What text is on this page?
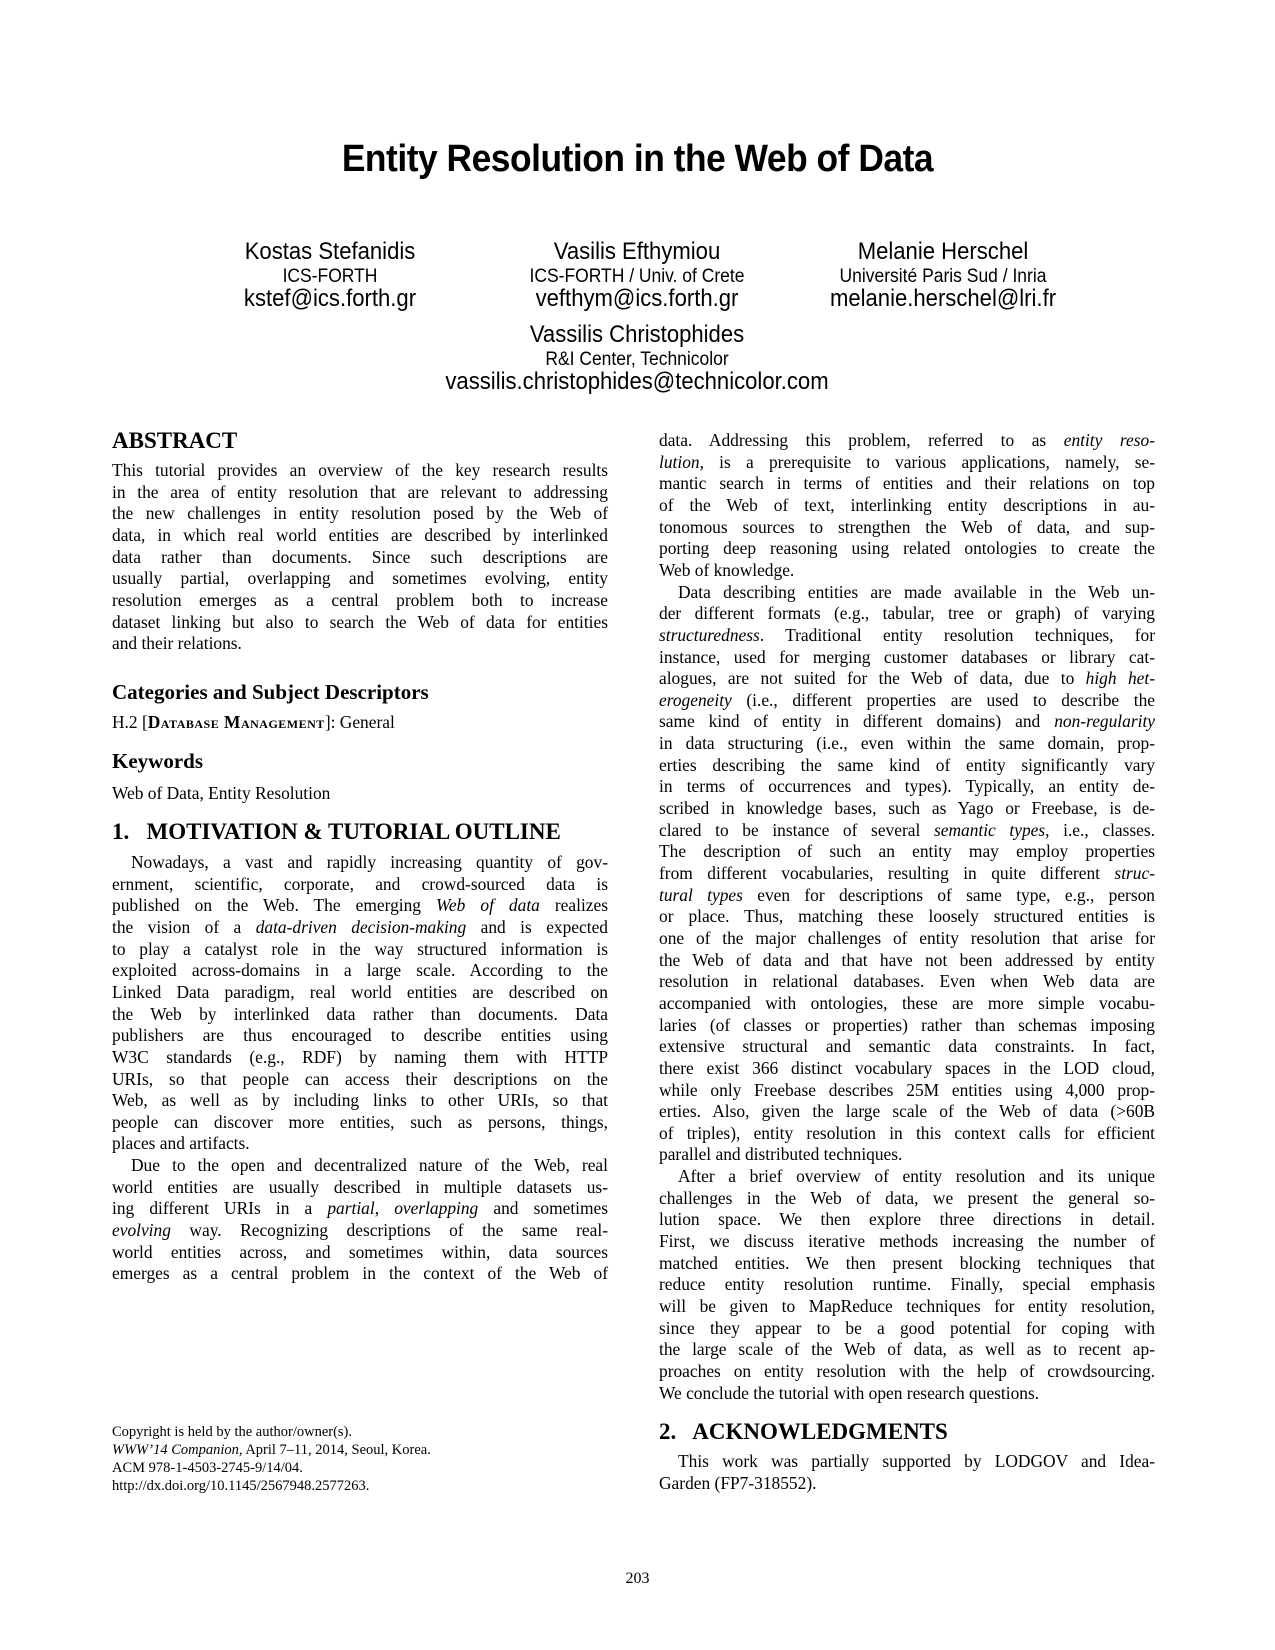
Entity Resolution in the Web of Data
Kostas Stefanidis
ICS-FORTH
kstef@ics.forth.gr
Vasilis Efthymiou
ICS-FORTH / Univ. of Crete
vefthym@ics.forth.gr
Melanie Herschel
Université Paris Sud / Inria
melanie.herschel@lri.fr
Vassilis Christophides
R&I Center, Technicolor
vassilis.christophides@technicolor.com
ABSTRACT
This tutorial provides an overview of the key research results
in the area of entity resolution that are relevant to addressing
the new challenges in entity resolution posed by the Web of
data, in which real world entities are described by interlinked
data rather than documents. Since such descriptions are
usually partial, overlapping and sometimes evolving, entity
resolution emerges as a central problem both to increase
dataset linking but also to search the Web of data for entities
and their relations.
Categories and Subject Descriptors
H.2 [Database Management]: General
Keywords
Web of Data, Entity Resolution
1.   MOTIVATION & TUTORIAL OUTLINE
Nowadays, a vast and rapidly increasing quantity of gov-
ernment, scientific, corporate, and crowd-sourced data is
published on the Web. The emerging Web of data realizes
the vision of a data-driven decision-making and is expected
to play a catalyst role in the way structured information is
exploited across-domains in a large scale. According to the
Linked Data paradigm, real world entities are described on
the Web by interlinked data rather than documents. Data
publishers are thus encouraged to describe entities using
W3C standards (e.g., RDF) by naming them with HTTP
URIs, so that people can access their descriptions on the
Web, as well as by including links to other URIs, so that
people can discover more entities, such as persons, things,
places and artifacts.
Due to the open and decentralized nature of the Web, real
world entities are usually described in multiple datasets us-
ing different URIs in a partial, overlapping and sometimes
evolving way. Recognizing descriptions of the same real-
world entities across, and sometimes within, data sources
emerges as a central problem in the context of the Web of
Copyright is held by the author/owner(s).
WWW’14 Companion, April 7–11, 2014, Seoul, Korea.
ACM 978-1-4503-2745-9/14/04.
http://dx.doi.org/10.1145/2567948.2577263.
data. Addressing this problem, referred to as entity reso-
lution, is a prerequisite to various applications, namely, se-
mantic search in terms of entities and their relations on top
of the Web of text, interlinking entity descriptions in au-
tonomous sources to strengthen the Web of data, and sup-
porting deep reasoning using related ontologies to create the
Web of knowledge.
Data describing entities are made available in the Web un-
der different formats (e.g., tabular, tree or graph) of varying
structuredness. Traditional entity resolution techniques, for
instance, used for merging customer databases or library cat-
alogues, are not suited for the Web of data, due to high het-
erogeneity (i.e., different properties are used to describe the
same kind of entity in different domains) and non-regularity
in data structuring (i.e., even within the same domain, prop-
erties describing the same kind of entity significantly vary
in terms of occurrences and types). Typically, an entity de-
scribed in knowledge bases, such as Yago or Freebase, is de-
clared to be instance of several semantic types, i.e., classes.
The description of such an entity may employ properties
from different vocabularies, resulting in quite different struc-
tural types even for descriptions of same type, e.g., person
or place. Thus, matching these loosely structured entities is
one of the major challenges of entity resolution that arise for
the Web of data and that have not been addressed by entity
resolution in relational databases. Even when Web data are
accompanied with ontologies, these are more simple vocabu-
laries (of classes or properties) rather than schemas imposing
extensive structural and semantic data constraints. In fact,
there exist 366 distinct vocabulary spaces in the LOD cloud,
while only Freebase describes 25M entities using 4,000 prop-
erties. Also, given the large scale of the Web of data (>60B
of triples), entity resolution in this context calls for efficient
parallel and distributed techniques.
After a brief overview of entity resolution and its unique
challenges in the Web of data, we present the general so-
lution space. We then explore three directions in detail.
First, we discuss iterative methods increasing the number of
matched entities. We then present blocking techniques that
reduce entity resolution runtime. Finally, special emphasis
will be given to MapReduce techniques for entity resolution,
since they appear to be a good potential for coping with
the large scale of the Web of data, as well as to recent ap-
proaches on entity resolution with the help of crowdsourcing.
We conclude the tutorial with open research questions.
2.   ACKNOWLEDGMENTS
This work was partially supported by LODGOV and Idea-
Garden (FP7-318552).
203
